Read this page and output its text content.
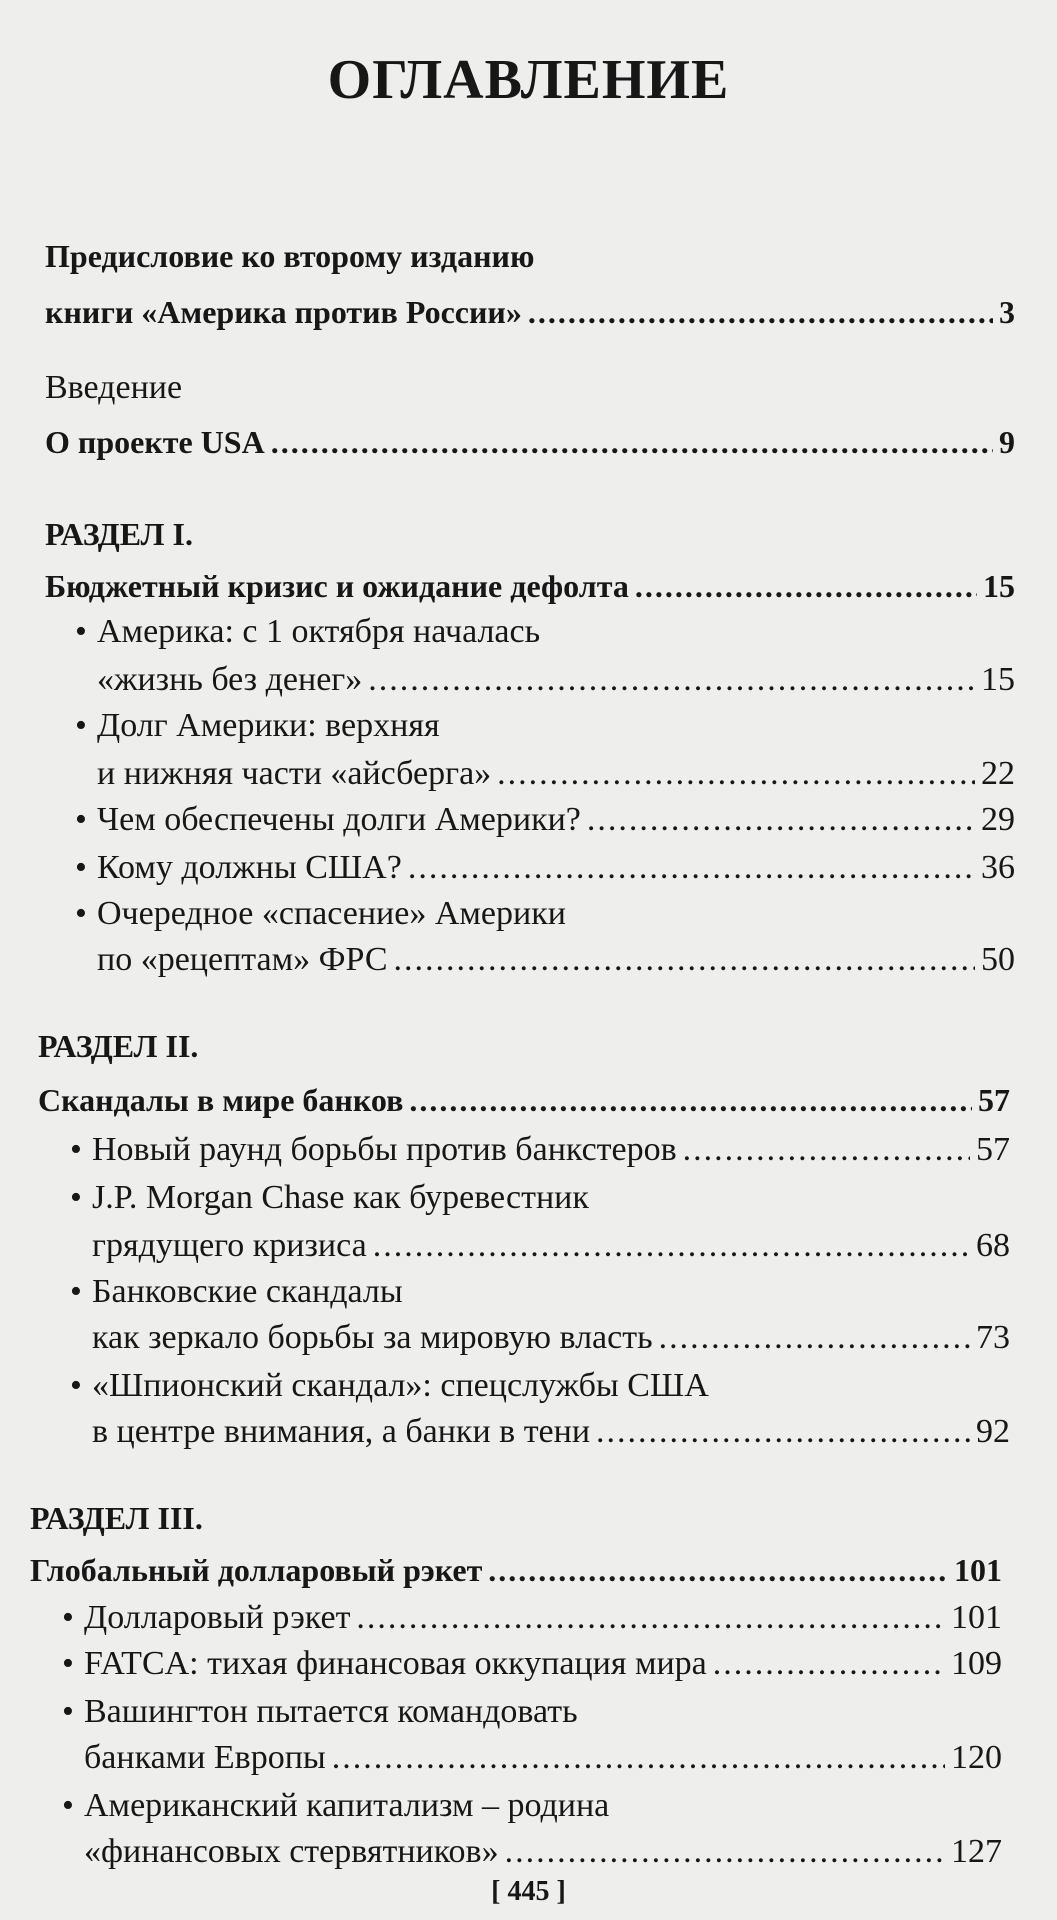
ОГЛАВЛЕНИЕ
Предисловие ко второму изданию
книги «Америка против России» .....	3
Введение
О проекте USA .....	9
РАЗДЕЛ I.
Бюджетный кризис и ожидание дефолта .....	15
• Америка: с 1 октября началась
«жизнь без денег» .....	15
• Долг Америки: верхняя
и нижняя части «айсберга» .....	22
• Чем обеспечены долги Америки? .....	29
• Кому должны США? .....	36
• Очередное «спасение» Америки
по «рецептам» ФРС .....	50
РАЗДЕЛ II.
Скандалы в мире банков .....	57
• Новый раунд борьбы против банкстеров .....	57
• J.P. Morgan Chase как буревестник
грядущего кризиса .....	68
• Банковские скандалы
как зеркало борьбы за мировую власть .....	73
• «Шпионский скандал»: спецслужбы США
в центре внимания, а банки в тени .....	92
РАЗДЕЛ III.
Глобальный долларовый рэкет .....	101
• Долларовый рэкет .....	101
• FATCA: тихая финансовая оккупация мира .....	109
• Вашингтон пытается командовать
банками Европы .....	120
• Американский капитализм – родина
«финансовых стервятников» .....	127
[ 445 ]
